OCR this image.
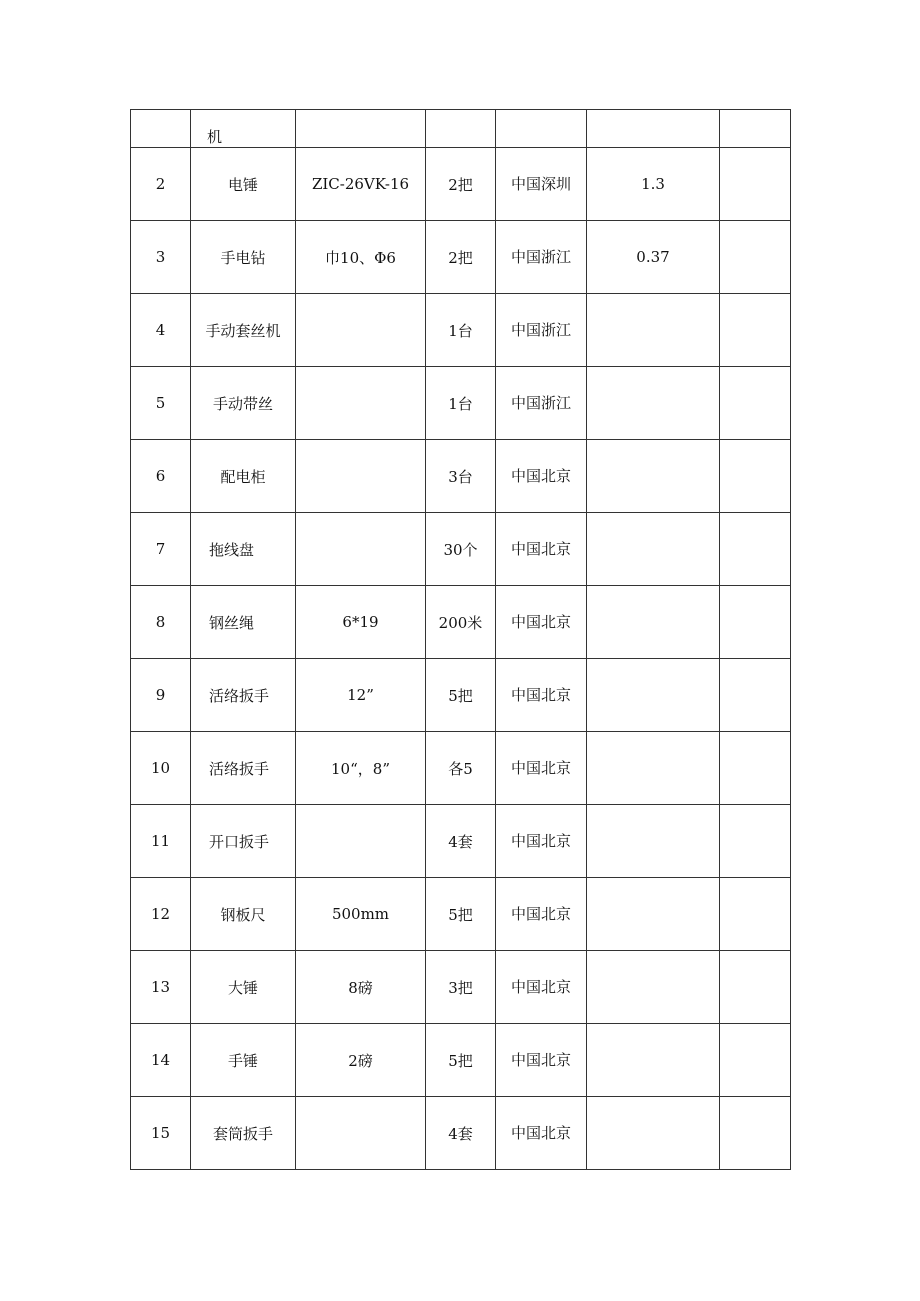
	机					
2	电锤	ZIC-26VK-16	2把	中国深圳	1.3	
3	手电钻	巾10、Φ6	2把	中国浙江	0.37	
4	手动套丝机		1台	中国浙江		
5	手动带丝		1台	中国浙江		
6	配电柜		3台	中国北京		
7	拖线盘		30个	中国北京		
8	钢丝绳	6*19	200米	中国北京		
9	活络扳手	12”	5把	中国北京		
10	活络扳手	10“，8”	各5	中国北京		
11	开口扳手		4套	中国北京		
12	钢板尺	500mm	5把	中国北京		
13	大锤	8磅	3把	中国北京		
14	手锤	2磅	5把	中国北京		
15	套筒扳手		4套	中国北京		
